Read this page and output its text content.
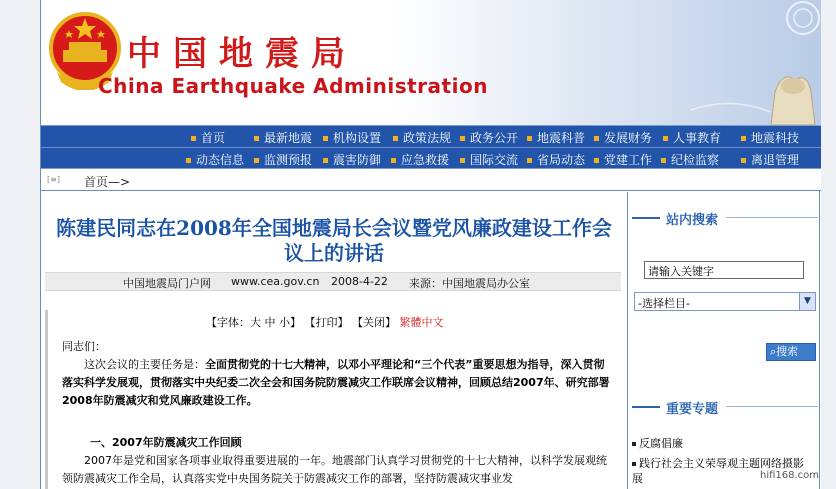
中国地震局
China Earthquake Administration
首页	最新地震	机构设置	政策法规	政务公开	地震科普	发展财务	人事教育	地震科技
动态信息	监测预报	震害防御	应急救援	国际交流	省局动态	党建工作	纪检监察	离退管理
[≡]	首页—>
陈建民同志在2008年全国地震局长会议暨党风廉政建设工作会议上的讲话
中国地震局门户网 www.cea.gov.cn 2008-4-22 来源：中国地震局办公室
【字体：大 中 小】 【打印】 【关闭】 繁體中文
同志们：
这次会议的主要任务是：全面贯彻党的十七大精神，以邓小平理论和“三个代表”重要思想为指导，深入贯彻落实科学发展观，贯彻落实中央纪委二次全会和国务院防震减灾工作联席会议精神，回顾总结2007年、研究部署2008年防震减灾和党风廉政建设工作。
一、2007年防震减灾工作回顾
2007年是党和国家各项事业取得重要进展的一年。地震部门认真学习贯彻党的十七大精神，以科学发展观统领防震减灾工作全局，认真落实党中央国务院关于防震减灾工作的部署，坚持防震减灾事业发
站内搜索
请输入关键字
-选择栏目-	▼
⌕搜索
重要专题
反腐倡廉
践行社会主义荣辱观主题网络摄影展	hifi168.com
